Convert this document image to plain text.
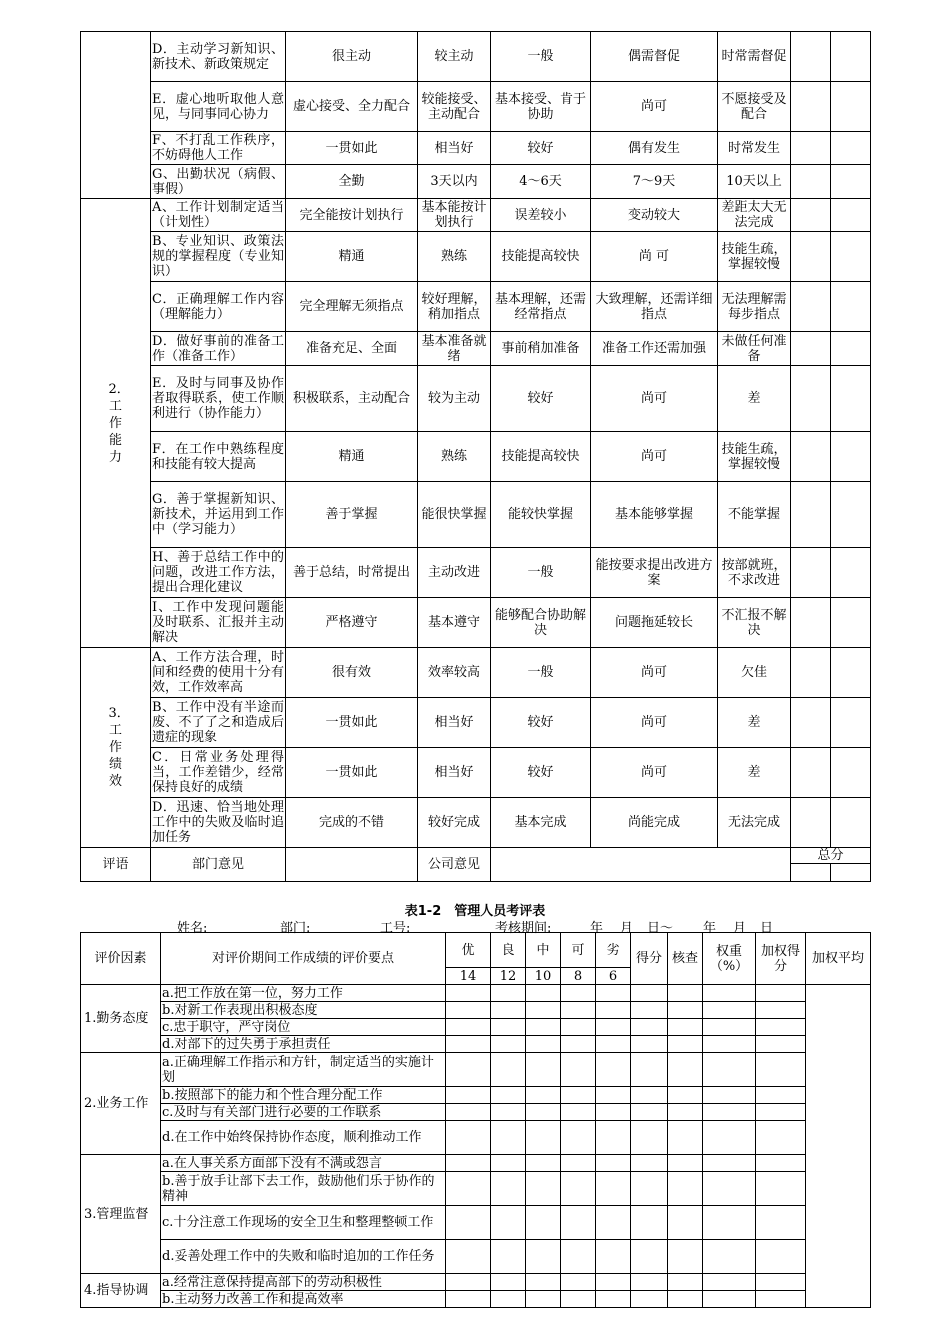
	D．主动学习新知识、新技术、新政策规定	很主动	较主动	一般	偶需督促	时常需督促		
	E．虚心地听取他人意见，与同事同心协力	虚心接受、全力配合	较能接受、主动配合	基本接受、肯于协助	尚可	不愿接受及配合		
	F、不打乱工作秩序，不妨碍他人工作	一贯如此	相当好	较好	偶有发生	时常发生		
	G、出勤状况（病假、事假）	全勤	3天以内	4～6天	7～9天	10天以上		
2．工作能力	A、工作计划制定适当（计划性）	完全能按计划执行	基本能按计划执行	误差较小	变动较大	差距太大无法完成		
	B、专业知识、政策法规的掌握程度（专业知识）	精通	熟练	技能提高较快	尚 可	技能生疏，掌握较慢		
	C．正确理解工作内容（理解能力）	完全理解无须指点	较好理解，稍加指点	基本理解，还需经常指点	大致理解，还需详细指点	无法理解需每步指点		
	D．做好事前的准备工作（准备工作）	准备充足、全面	基本准备就绪	事前稍加准备	准备工作还需加强	未做任何准备		
	E．及时与同事及协作者取得联系，使工作顺利进行（协作能力）	积极联系，主动配合	较为主动	较好	尚可	差		
	F．在工作中熟练程度和技能有较大提高	精通	熟练	技能提高较快	尚可	技能生疏，掌握较慢		
	G．善于掌握新知识、新技术，并运用到工作中（学习能力）	善于掌握	能很快掌握	能较快掌握	基本能够掌握	不能掌握		
	H、善于总结工作中的问题，改进工作方法，提出合理化建议	善于总结，时常提出	主动改进	一般	能按要求提出改进方案	按部就班，不求改进		
	I、工作中发现问题能及时联系、汇报并主动解决	严格遵守	基本遵守	能够配合协助解决	问题拖延较长	不汇报不解决		
3．工作绩效	A、工作方法合理，时间和经费的使用十分有效，工作效率高	很有效	效率较高	一般	尚可	欠佳		
	B、工作中没有半途而废、不了了之和造成后遗症的现象	一贯如此	相当好	较好	尚可	差		
	C．日常业务处理得当，工作差错少，经常保持良好的成绩	一贯如此	相当好	较好	尚可	差		
	D．迅速、恰当地处理工作中的失败及临时追加任务	完成的不错	较好完成	基本完成	尚能完成	无法完成		
评语	部门意见		公司意见				总分	

表1-2　管理人员考评表
姓名:	部门:	工号:	考核期间:	年 月 日～ 年 月 日
评价因素	对评价期间工作成绩的评价要点	优	良	中	可	劣	得分	核查	权重（%）	加权得分	加权平均
		14	12	10	8	6					
1.勤务态度	a.把工作放在第一位，努力工作										
	b.对新工作表现出积极态度										
	c.忠于职守，严守岗位										
	d.对部下的过失勇于承担责任										
2.业务工作	a.正确理解工作指示和方针，制定适当的实施计划										
	b.按照部下的能力和个性合理分配工作										
	c.及时与有关部门进行必要的工作联系										
	d.在工作中始终保持协作态度，顺利推动工作										
3.管理监督	a.在人事关系方面部下没有不满或怨言										
	b.善于放手让部下去工作，鼓励他们乐于协作的精神										
	c.十分注意工作现场的安全卫生和整理整顿工作										
	d.妥善处理工作中的失败和临时追加的工作任务										
4.指导协调	a.经常注意保持提高部下的劳动积极性										
	b.主动努力改善工作和提高效率										
